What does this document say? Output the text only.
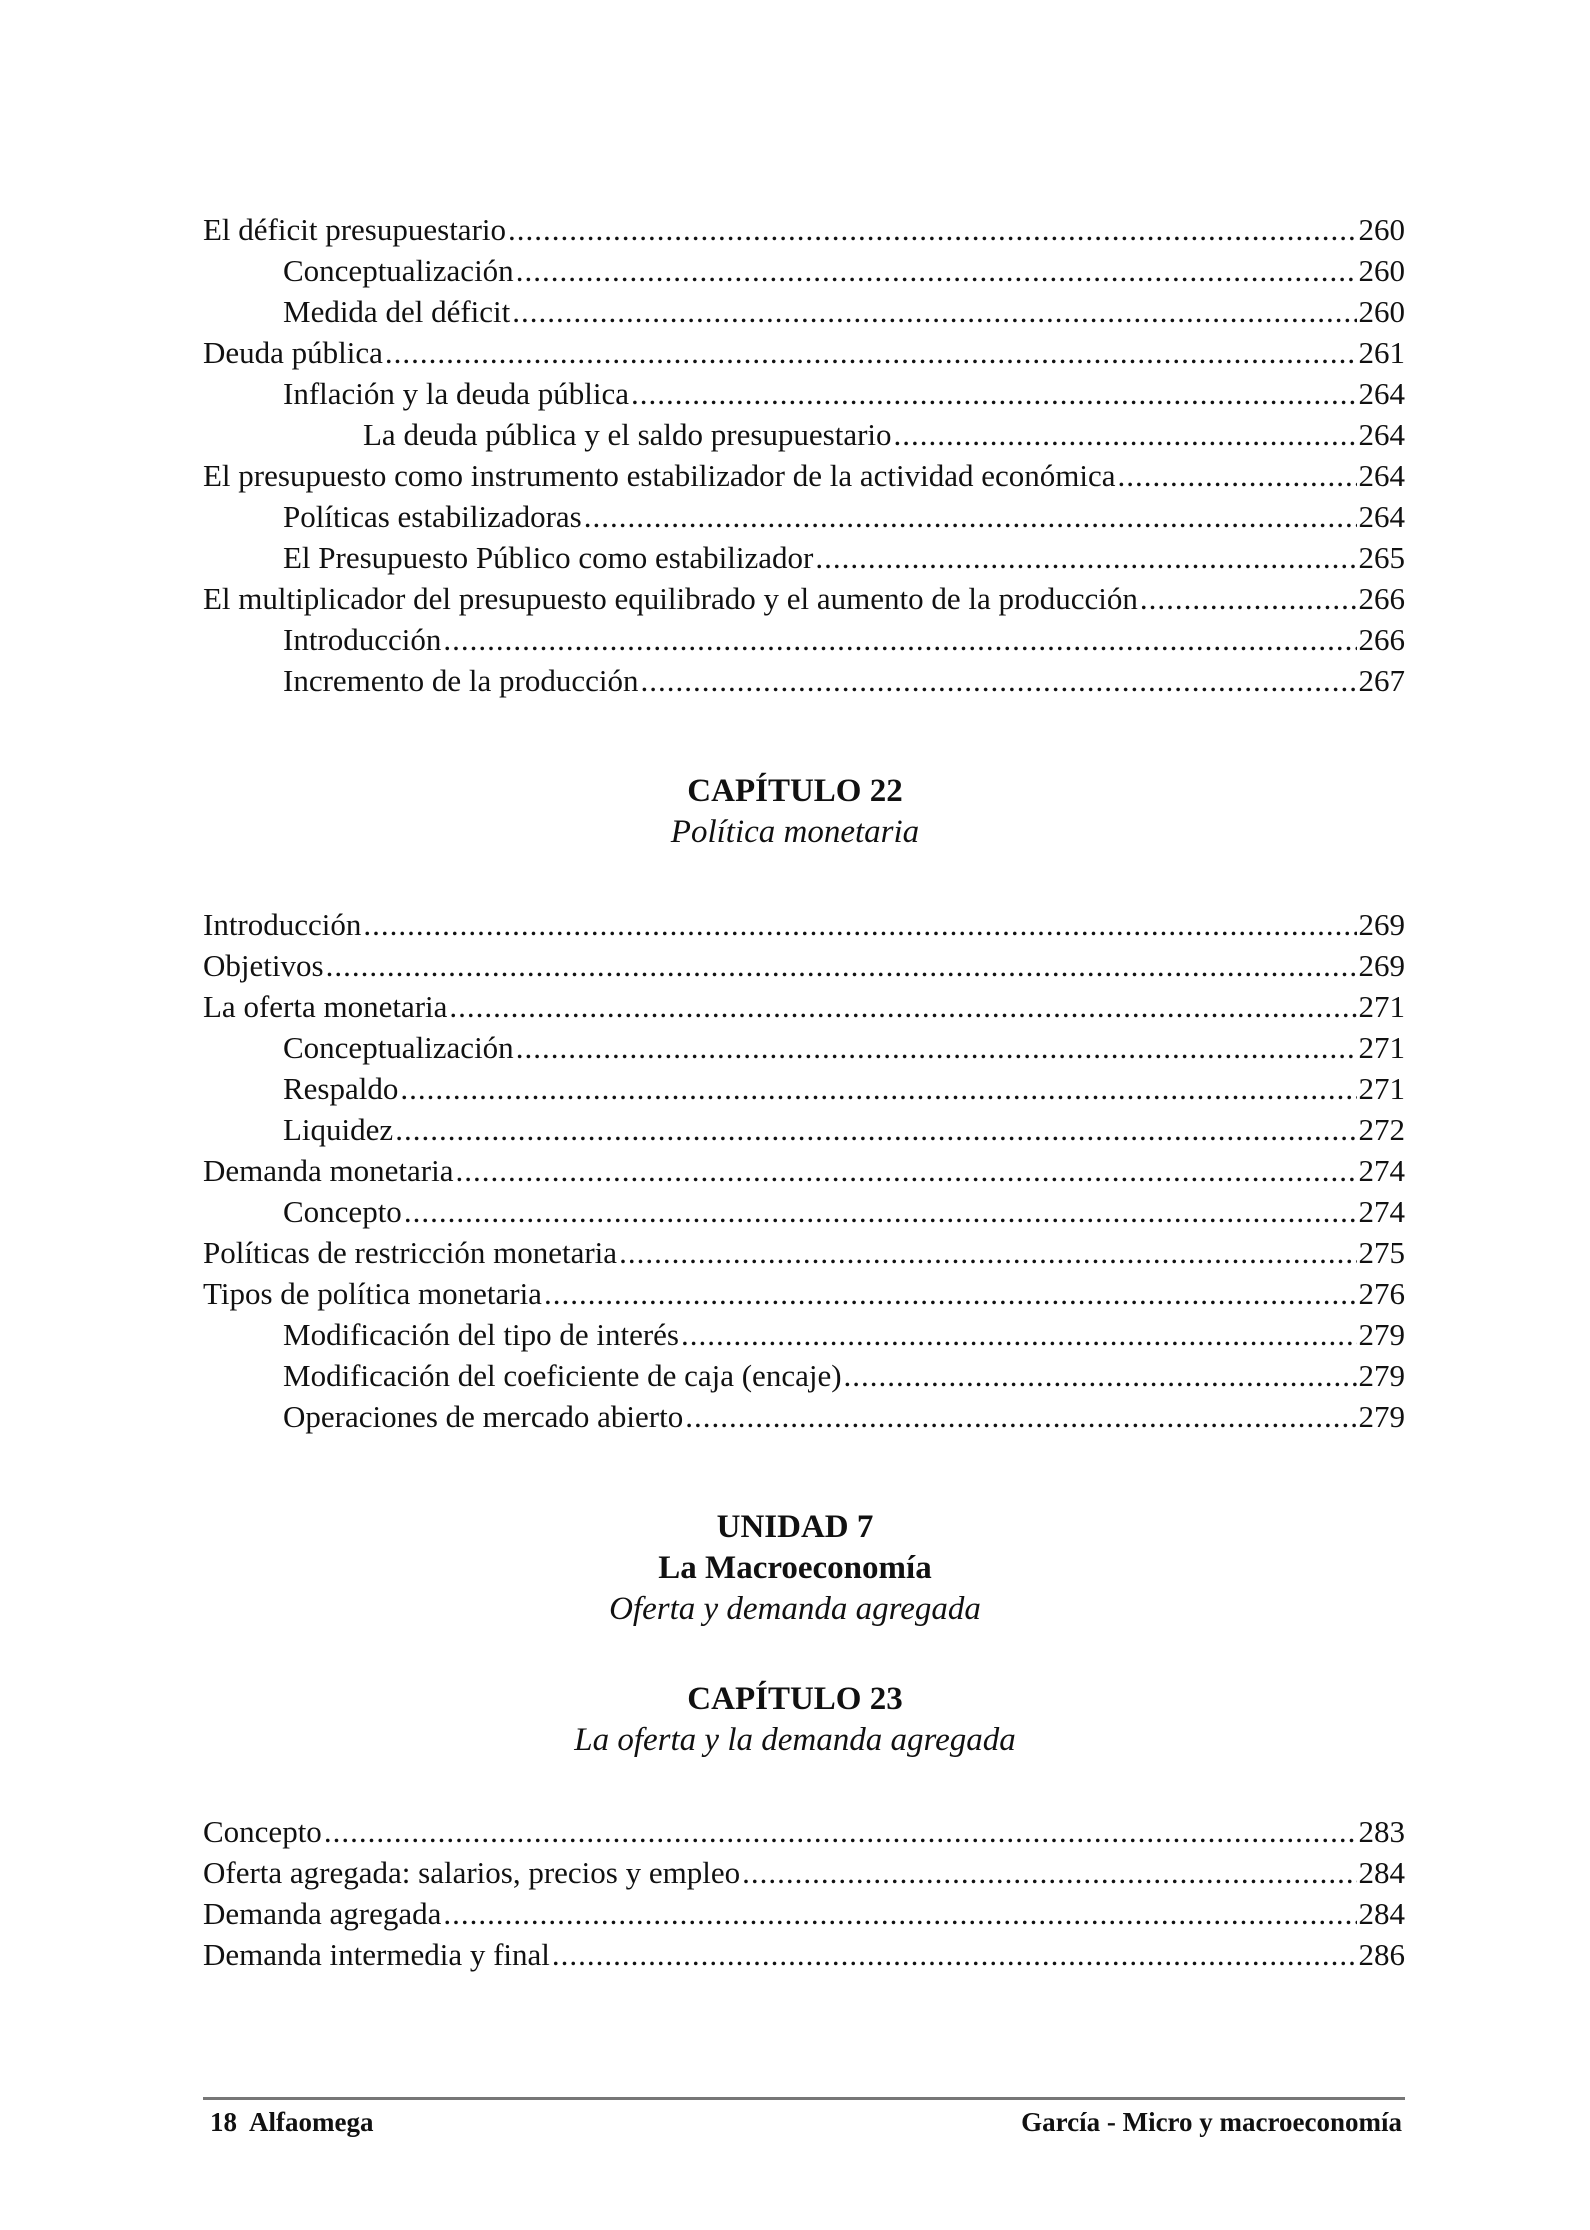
El déficit presupuestario .....	260
Conceptualización .....	260
Medida del déficit .....	260
Deuda pública .....	261
Inflación y la deuda pública .....	264
La deuda pública y el saldo presupuestario .....	264
El presupuesto como instrumento estabilizador de la actividad económica .....	264
Políticas estabilizadoras .....	264
El Presupuesto Público como estabilizador .....	265
El multiplicador del presupuesto equilibrado y el aumento de la producción .....	266
Introducción .....	266
Incremento de la producción .....	267
CAPÍTULO 22
Política monetaria
Introducción .....	269
Objetivos .....	269
La oferta monetaria .....	271
Conceptualización .....	271
Respaldo .....	271
Liquidez .....	272
Demanda monetaria .....	274
Concepto .....	274
Políticas de restricción monetaria .....	275
Tipos de política monetaria .....	276
Modificación del tipo de interés .....	279
Modificación del coeficiente de caja (encaje) .....	279
Operaciones de mercado abierto .....	279
UNIDAD 7
La Macroeconomía
Oferta y demanda agregada
CAPÍTULO 23
La oferta y la demanda agregada
Concepto .....	283
Oferta agregada: salarios, precios y empleo .....	284
Demanda agregada .....	284
Demanda intermedia y final .....	286
18  Alfaomega	García - Micro y macroeconomía
